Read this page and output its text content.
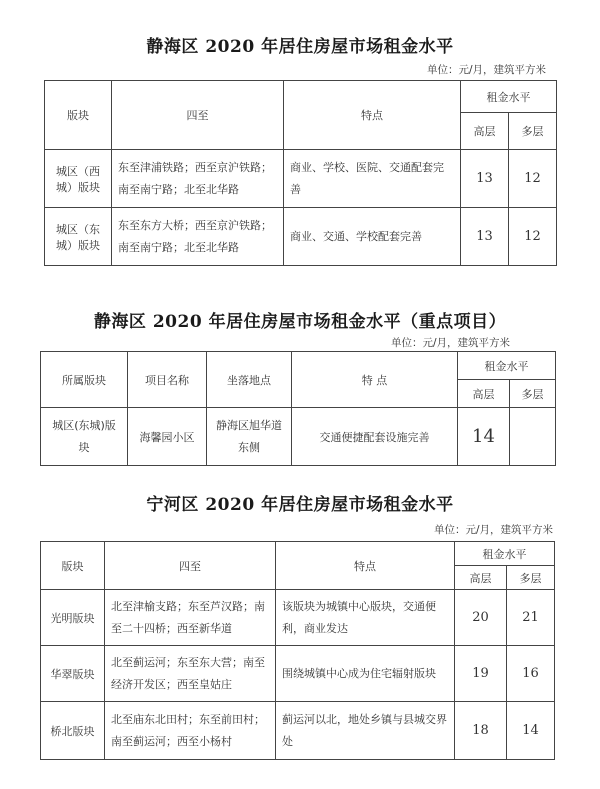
静海区 2020 年居住房屋市场租金水平
单位：元/月，建筑平方米
版块	四至	特点	租金水平	
			高层	多层
城区（西城）版块	东至津浦铁路；西至京沪铁路；南至南宁路；北至北华路	商业、学校、医院、交通配套完善	13	12
城区（东城）版块	东至东方大桥；西至京沪铁路；南至南宁路；北至北华路	商业、交通、学校配套完善	13	12
静海区 2020 年居住房屋市场租金水平（重点项目）
单位：元/月，建筑平方米
所属版块	项目名称	坐落地点	特 点	租金水平	
				高层	多层
城区(东城)版块	海馨园小区	静海区旭华道东侧	交通便捷配套设施完善	14	
宁河区 2020 年居住房屋市场租金水平
单位：元/月，建筑平方米
版块	四至	特点	租金水平	
			高层	多层
光明版块	北至津榆支路；东至芦汉路；南至二十四桥；西至新华道	该版块为城镇中心版块，交通便利，商业发达	20	21
华翠版块	北至蓟运河；东至东大营；南至经济开发区；西至皇姑庄	围绕城镇中心成为住宅辐射版块	19	16
桥北版块	北至庙东北田村；东至前田村；南至蓟运河；西至小杨村	蓟运河以北，地处乡镇与县城交界处	18	14
